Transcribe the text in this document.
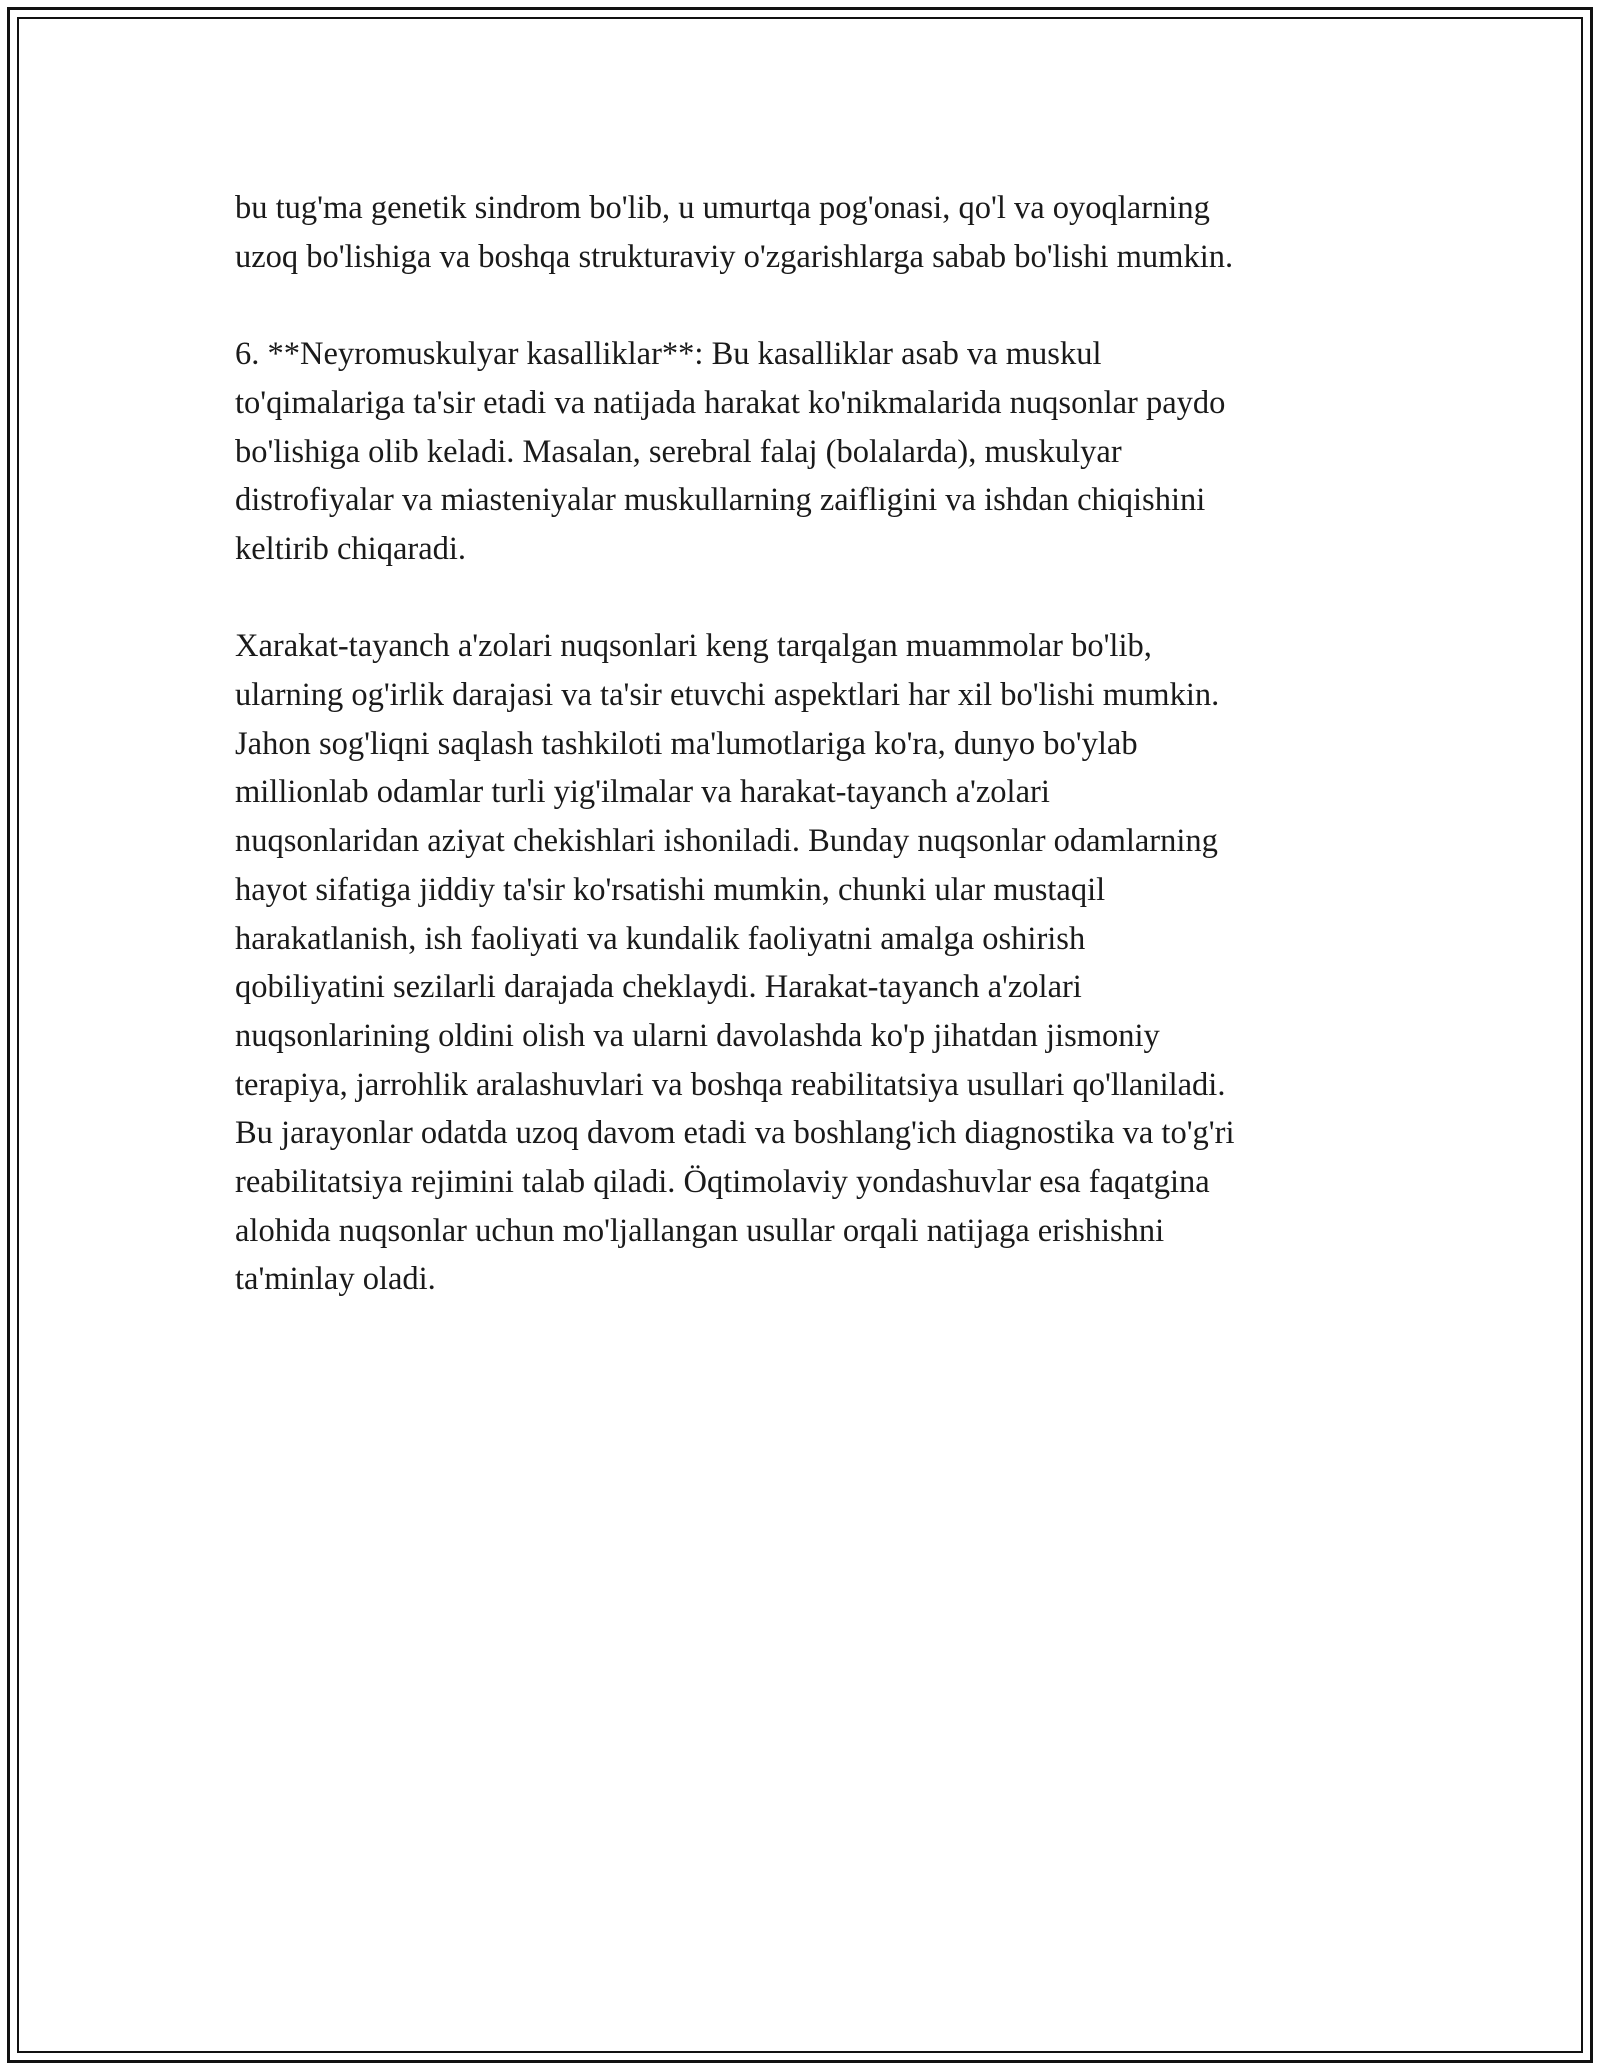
bu tug'ma genetik sindrom bo'lib, u umurtqa pog'onasi, qo'l va oyoqlarning
uzoq bo'lishiga va boshqa strukturaviy o'zgarishlarga sabab bo'lishi mumkin.
6. **Neyromuskulyar kasalliklar**: Bu kasalliklar asab va muskul
to'qimalariga ta'sir etadi va natijada harakat ko'nikmalarida nuqsonlar paydo
bo'lishiga olib keladi. Masalan, serebral falaj (bolalarda), muskulyar
distrofiyalar va miasteniyalar muskullarning zaifligini va ishdan chiqishini
keltirib chiqaradi.
Xarakat-tayanch a'zolari nuqsonlari keng tarqalgan muammolar bo'lib,
ularning og'irlik darajasi va ta'sir etuvchi aspektlari har xil bo'lishi mumkin.
Jahon sog'liqni saqlash tashkiloti ma'lumotlariga ko'ra, dunyo bo'ylab
millionlab odamlar turli yig'ilmalar va harakat-tayanch a'zolari
nuqsonlaridan aziyat chekishlari ishoniladi. Bunday nuqsonlar odamlarning
hayot sifatiga jiddiy ta'sir ko'rsatishi mumkin, chunki ular mustaqil
harakatlanish, ish faoliyati va kundalik faoliyatni amalga oshirish
qobiliyatini sezilarli darajada cheklaydi. Harakat-tayanch a'zolari
nuqsonlarining oldini olish va ularni davolashda ko'p jihatdan jismoniy
terapiya, jarrohlik aralashuvlari va boshqa reabilitatsiya usullari qo'llaniladi.
Bu jarayonlar odatda uzoq davom etadi va boshlang'ich diagnostika va to'g'ri
reabilitatsiya rejimini talab qiladi. Öqtimolaviy yondashuvlar esa faqatgina
alohida nuqsonlar uchun mo'ljallangan usullar orqali natijaga erishishni
ta'minlay oladi.
